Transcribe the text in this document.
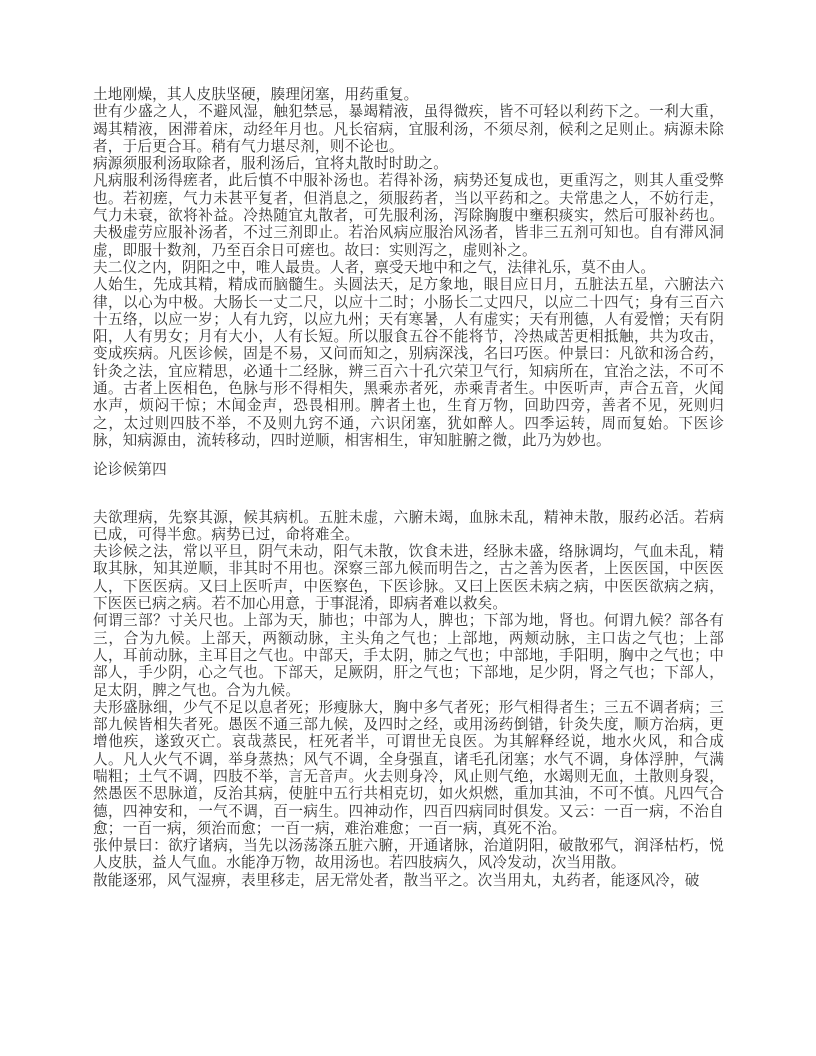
土地刚燥，其人皮肤坚硬，腠理闭塞，用药重复。

世有少盛之人，不避风湿，触犯禁忌，暴竭精液，虽得微疾，皆不可轻以利药下之。一利大重，竭其精液，困滞着床，动经年月也。凡长宿病，宜服利汤，不须尽剂，候利之足则止。病源未除者，于后更合耳。稍有气力堪尽剂，则不论也。

病源须服利汤取除者，服利汤后，宜将丸散时时助之。

凡病服利汤得瘥者，此后慎不中服补汤也。若得补汤，病势还复成也，更重泻之，则其人重受弊也。若初瘥，气力未甚平复者，但消息之，须服药者，当以平药和之。夫常患之人，不妨行走，气力未衰，欲将补益。冷热随宜丸散者，可先服利汤，泻除胸腹中壅积痰实，然后可服补药也。夫极虚劳应服补汤者，不过三剂即止。若治风病应服治风汤者，皆非三五剂可知也。自有滞风洞虚，即服十数剂，乃至百余日可瘥也。故曰：实则泻之，虚则补之。

夫二仪之内，阴阳之中，唯人最贵。人者，禀受天地中和之气，法律礼乐，莫不由人。

人始生，先成其精，精成而脑髓生。头圆法天，足方象地，眼目应日月，五脏法五星，六腑法六律，以心为中极。大肠长一丈二尺，以应十二时；小肠长二丈四尺，以应二十四气；身有三百六十五络，以应一岁；人有九窍，以应九州；天有寒暑，人有虚实；天有刑德，人有爱憎；天有阴阳，人有男女；月有大小，人有长短。所以服食五谷不能将节，冷热咸苦更相抵触，共为攻击，变成疾病。凡医诊候，固是不易，又问而知之，别病深浅，名曰巧医。仲景曰：凡欲和汤合药，针灸之法，宜应精思，必通十二经脉，辨三百六十孔穴荣卫气行，知病所在，宜治之法，不可不通。古者上医相色，色脉与形不得相失，黑乘赤者死，赤乘青者生。中医听声，声合五音，火闻水声，烦闷干惊；木闻金声，恐畏相刑。脾者土也，生育万物，回助四旁，善者不见，死则归之，太过则四肢不举，不及则九窍不通，六识闭塞，犹如醉人。四季运转，周而复始。下医诊脉，知病源由，流转移动，四时逆顺，相害相生，审知脏腑之微，此乃为妙也。

论诊候第四

夫欲理病，先察其源，候其病机。五脏未虚，六腑未竭，血脉未乱，精神未散，服药必活。若病已成，可得半愈。病势已过，命将难全。

夫诊候之法，常以平旦，阴气未动，阳气未散，饮食未进，经脉未盛，络脉调均，气血未乱，精取其脉，知其逆顺，非其时不用也。深察三部九候而明告之，古之善为医者，上医医国，中医医人，下医医病。又曰上医听声，中医察色，下医诊脉。又曰上医医未病之病，中医医欲病之病，下医医已病之病。若不加心用意，于事混淆，即病者难以救矣。

何谓三部？寸关尺也。上部为天，肺也；中部为人，脾也；下部为地，肾也。何谓九候？部各有三，合为九候。上部天，两额动脉，主头角之气也；上部地，两颊动脉，主口齿之气也；上部人，耳前动脉，主耳目之气也。中部天，手太阴，肺之气也；中部地，手阳明，胸中之气也；中部人，手少阴，心之气也。下部天，足厥阴，肝之气也；下部地，足少阴，肾之气也；下部人，足太阴，脾之气也。合为九候。

夫形盛脉细，少气不足以息者死；形瘦脉大，胸中多气者死；形气相得者生；三五不调者病；三部九候皆相失者死。愚医不通三部九候，及四时之经，或用汤药倒错，针灸失度，顺方治病，更增他疾，遂致灭亡。哀哉蒸民，枉死者半，可谓世无良医。为其解释经说，地水火风，和合成人。凡人火气不调，举身蒸热；风气不调，全身强直，诸毛孔闭塞；水气不调，身体浮肿，气满喘粗；土气不调，四肢不举，言无音声。火去则身冷，风止则气绝，水竭则无血，土散则身裂，然愚医不思脉道，反治其病，使脏中五行共相克切，如火炽燃，重加其油，不可不慎。凡四气合德，四神安和，一气不调，百一病生。四神动作，四百四病同时俱发。又云：一百一病，不治自愈；一百一病，须治而愈；一百一病，难治难愈；一百一病，真死不治。

张仲景曰：欲疗诸病，当先以汤荡涤五脏六腑，开通诸脉，治道阴阳，破散邪气，润泽枯朽，悦人皮肤，益人气血。水能净万物，故用汤也。若四肢病久，风冷发动，次当用散。

散能逐邪，风气湿痹，表里移走，居无常处者，散当平之。次当用丸，丸药者，能逐风冷，破
